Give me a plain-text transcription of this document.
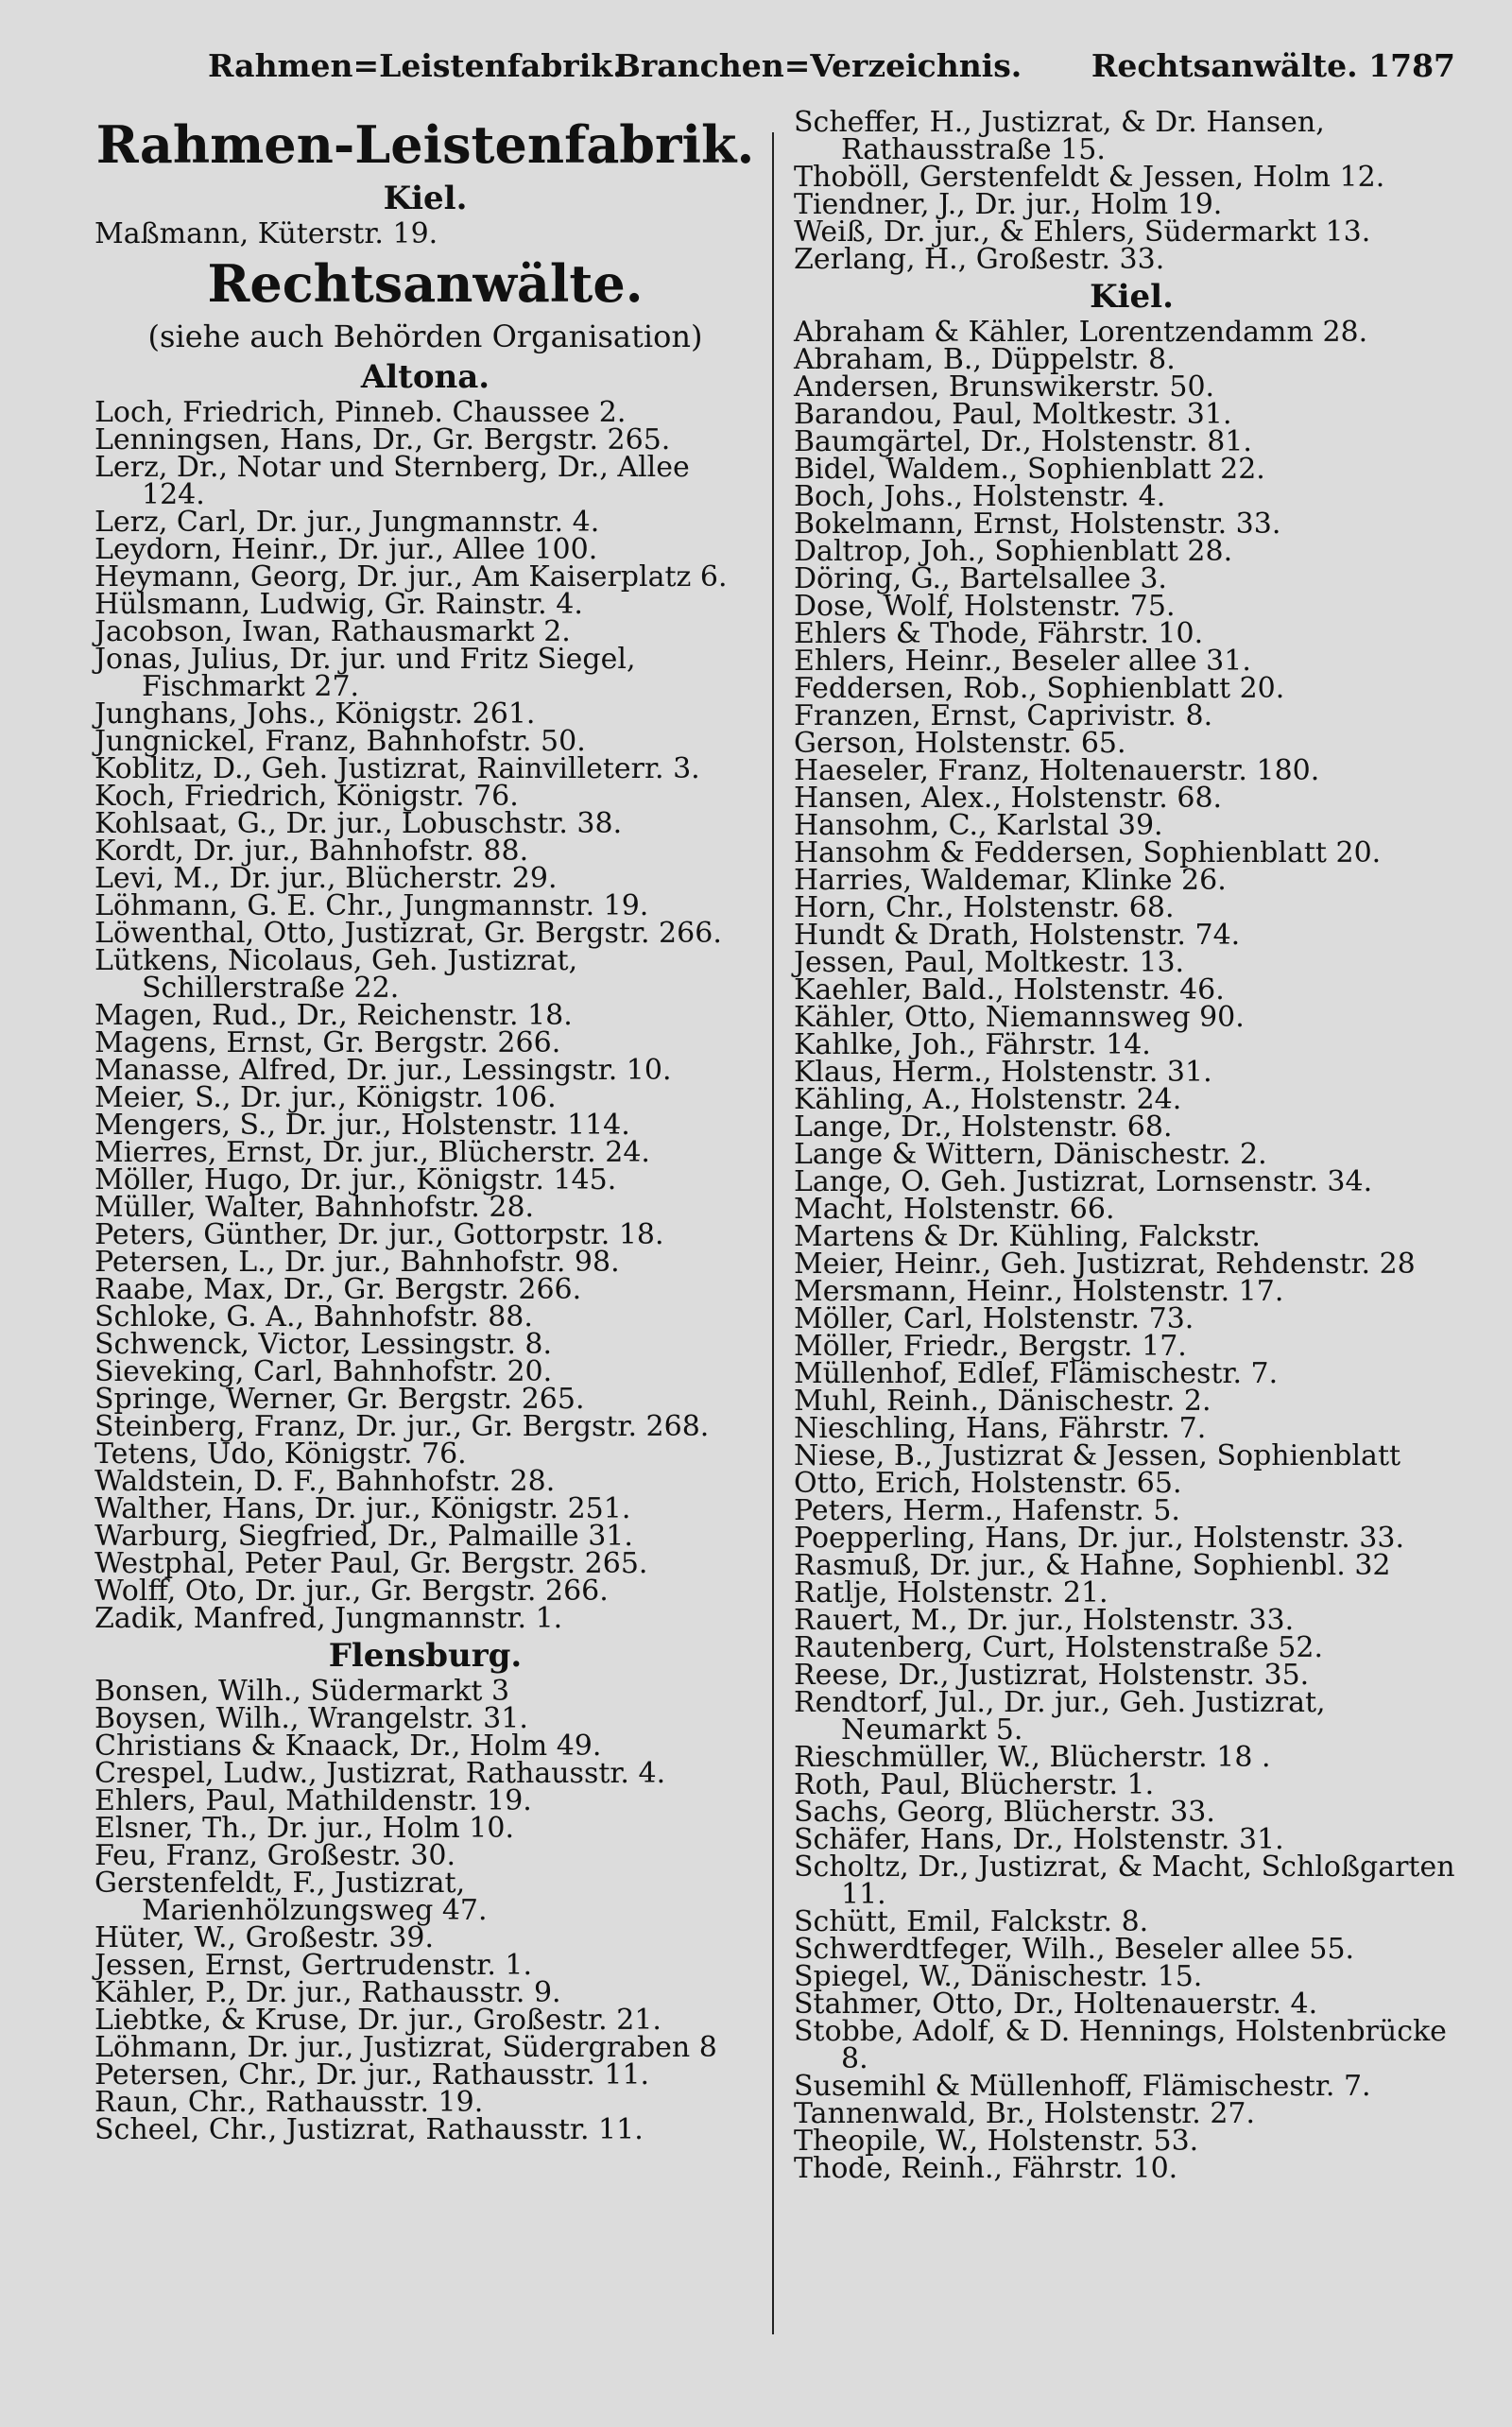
Rahmen=Leistenfabrik.
Branchen=Verzeichnis. Rechtsanwälte. 1787
Rahmen-Leistenfabrik.
Kiel.
Maßmann, Küterstr. 19.
Rechtsanwälte.
(siehe auch Behörden Organisation)
Altona.
Loch, Friedrich, Pinneb. Chaussee 2.
Lenningsen, Hans, Dr., Gr. Bergstr. 265.
Lerz, Dr., Notar und Sternberg, Dr., Allee 124.
Lerz, Carl, Dr. jur., Jungmannstr. 4.
Leydorn, Heinr., Dr. jur., Allee 100.
Heymann, Georg, Dr. jur., Am Kaiserplatz 6.
Hülsmann, Ludwig, Gr. Rainstr. 4.
Jacobson, Iwan, Rathausmarkt 2.
Jonas, Julius, Dr. jur. und Fritz Siegel, Fischmarkt 27.
Junghans, Johs., Königstr. 261.
Jungnickel, Franz, Bahnhofstr. 50.
Koblitz, D., Geh. Justizrat, Rainvilleterr. 3.
Koch, Friedrich, Königstr. 76.
Kohlsaat, G., Dr. jur., Lobuschstr. 38.
Kordt, Dr. jur., Bahnhofstr. 88.
Levi, M., Dr. jur., Blücherstr. 29.
Löhmann, G. E. Chr., Jungmannstr. 19.
Löwenthal, Otto, Justizrat, Gr. Bergstr. 266.
Lütkens, Nicolaus, Geh. Justizrat, Schillerstraße 22.
Magen, Rud., Dr., Reichenstr. 18.
Magens, Ernst, Gr. Bergstr. 266.
Manasse, Alfred, Dr. jur., Lessingstr. 10.
Meier, S., Dr. jur., Königstr. 106.
Mengers, S., Dr. jur., Holstenstr. 114.
Mierres, Ernst, Dr. jur., Blücherstr. 24.
Möller, Hugo, Dr. jur., Königstr. 145.
Müller, Walter, Bahnhofstr. 28.
Peters, Günther, Dr. jur., Gottorpstr. 18.
Petersen, L., Dr. jur., Bahnhofstr. 98.
Raabe, Max, Dr., Gr. Bergstr. 266.
Schloke, G. A., Bahnhofstr. 88.
Schwenck, Victor, Lessingstr. 8.
Sieveking, Carl, Bahnhofstr. 20.
Springe, Werner, Gr. Bergstr. 265.
Steinberg, Franz, Dr. jur., Gr. Bergstr. 268.
Tetens, Udo, Königstr. 76.
Waldstein, D. F., Bahnhofstr. 28.
Walther, Hans, Dr. jur., Königstr. 251.
Warburg, Siegfried, Dr., Palmaille 31.
Westphal, Peter Paul, Gr. Bergstr. 265.
Wolff, Oto, Dr. jur., Gr. Bergstr. 266.
Zadik, Manfred, Jungmannstr. 1.
Flensburg.
Bonsen, Wilh., Südermarkt 3
Boysen, Wilh., Wrangelstr. 31.
Christians & Knaack, Dr., Holm 49.
Crespel, Ludw., Justizrat, Rathausstr. 4.
Ehlers, Paul, Mathildenstr. 19.
Elsner, Th., Dr. jur., Holm 10.
Feu, Franz, Großestr. 30.
Gerstenfeldt, F., Justizrat, Marienhölzungsweg 47.
Hüter, W., Großestr. 39.
Jessen, Ernst, Gertrudenstr. 1.
Kähler, P., Dr. jur., Rathausstr. 9.
Liebtke, & Kruse, Dr. jur., Großestr. 21.
Löhmann, Dr. jur., Justizrat, Südergraben 8
Petersen, Chr., Dr. jur., Rathausstr. 11.
Raun, Chr., Rathausstr. 19.
Scheel, Chr., Justizrat, Rathausstr. 11.
Scheffer, H., Justizrat, & Dr. Hansen, Rathausstraße 15.
Thoböll, Gerstenfeldt & Jessen, Holm 12.
Tiendner, J., Dr. jur., Holm 19.
Weiß, Dr. jur., & Ehlers, Südermarkt 13.
Zerlang, H., Großestr. 33.
Kiel.
Abraham & Kähler, Lorentzendamm 28.
Abraham, B., Düppelstr. 8.
Andersen, Brunswikerstr. 50.
Barandou, Paul, Moltkestr. 31.
Baumgärtel, Dr., Holstenstr. 81.
Bidel, Waldem., Sophienblatt 22.
Boch, Johs., Holstenstr. 4.
Bokelmann, Ernst, Holstenstr. 33.
Daltrop, Joh., Sophienblatt 28.
Döring, G., Bartelsallee 3.
Dose, Wolf, Holstenstr. 75.
Ehlers & Thode, Fährstr. 10.
Ehlers, Heinr., Beseler allee 31.
Feddersen, Rob., Sophienblatt 20.
Franzen, Ernst, Caprivistr. 8.
Gerson, Holstenstr. 65.
Haeseler, Franz, Holtenauerstr. 180.
Hansen, Alex., Holstenstr. 68.
Hansohm, C., Karlstal 39.
Hansohm & Feddersen, Sophienblatt 20.
Harries, Waldemar, Klinke 26.
Horn, Chr., Holstenstr. 68.
Hundt & Drath, Holstenstr. 74.
Jessen, Paul, Moltkestr. 13.
Kaehler, Bald., Holstenstr. 46.
Kähler, Otto, Niemannsweg 90.
Kahlke, Joh., Fährstr. 14.
Klaus, Herm., Holstenstr. 31.
Kähling, A., Holstenstr. 24.
Lange, Dr., Holstenstr. 68.
Lange & Wittern, Dänischestr. 2.
Lange, O. Geh. Justizrat, Lornsenstr. 34.
Macht, Holstenstr. 66.
Martens & Dr. Kühling, Falckstr.
Meier, Heinr., Geh. Justizrat, Rehdenstr. 28
Mersmann, Heinr., Holstenstr. 17.
Möller, Carl, Holstenstr. 73.
Möller, Friedr., Bergstr. 17.
Müllenhof, Edlef, Flämischestr. 7.
Muhl, Reinh., Dänischestr. 2.
Nieschling, Hans, Fährstr. 7.
Niese, B., Justizrat & Jessen, Sophienblatt
Otto, Erich, Holstenstr. 65.
Peters, Herm., Hafenstr. 5.
Poepperling, Hans, Dr. jur., Holstenstr. 33.
Rasmuß, Dr. jur., & Hahne, Sophienbl. 32
Ratlje, Holstenstr. 21.
Rauert, M., Dr. jur., Holstenstr. 33.
Rautenberg, Curt, Holstenstraße 52.
Reese, Dr., Justizrat, Holstenstr. 35.
Rendtorf, Jul., Dr. jur., Geh. Justizrat, Neumarkt 5.
Rieschmüller, W., Blücherstr. 18 .
Roth, Paul, Blücherstr. 1.
Sachs, Georg, Blücherstr. 33.
Schäfer, Hans, Dr., Holstenstr. 31.
Scholtz, Dr., Justizrat, & Macht, Schloßgarten 11.
Schütt, Emil, Falckstr. 8.
Schwerdtfeger, Wilh., Beseler allee 55.
Spiegel, W., Dänischestr. 15.
Stahmer, Otto, Dr., Holtenauerstr. 4.
Stobbe, Adolf, & D. Hennings, Holstenbrücke 8.
Susemihl & Müllenhoff, Flämischestr. 7.
Tannenwald, Br., Holstenstr. 27.
Theopile, W., Holstenstr. 53.
Thode, Reinh., Fährstr. 10.
